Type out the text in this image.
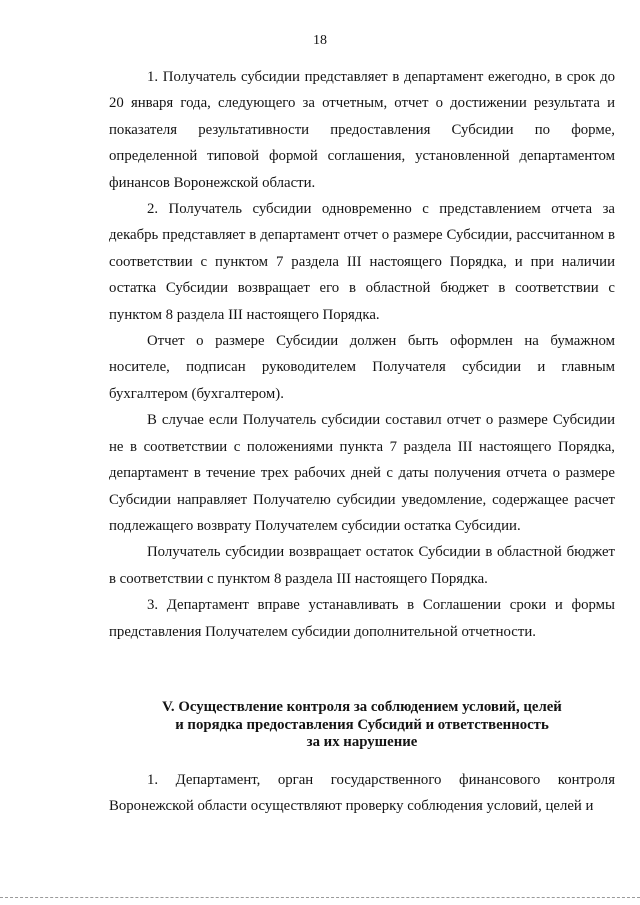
18

1. Получатель субсидии представляет в департамент ежегодно, в срок до 20 января года, следующего за отчетным, отчет о достижении результата и показателя результативности предоставления Субсидии по форме, определенной типовой формой соглашения, установленной департаментом финансов Воронежской области.

2. Получатель субсидии одновременно с представлением отчета за декабрь представляет в департамент отчет о размере Субсидии, рассчитанном в соответствии с пунктом 7 раздела III настоящего Порядка, и при наличии остатка Субсидии возвращает его в областной бюджет в соответствии с пунктом 8 раздела III настоящего Порядка.

Отчет о размере Субсидии должен быть оформлен на бумажном носителе, подписан руководителем Получателя субсидии и главным бухгалтером (бухгалтером).

В случае если Получатель субсидии составил отчет о размере Субсидии не в соответствии с положениями пункта 7 раздела III настоящего Порядка, департамент в течение трех рабочих дней с даты получения отчета о размере Субсидии направляет Получателю субсидии уведомление, содержащее расчет подлежащего возврату Получателем субсидии остатка Субсидии.

Получатель субсидии возвращает остаток Субсидии в областной бюджет в соответствии с пунктом 8 раздела III настоящего Порядка.

3. Департамент вправе устанавливать в Соглашении сроки и формы представления Получателем субсидии дополнительной отчетности.

V. Осуществление контроля за соблюдением условий, целей
и порядка предоставления Субсидий и ответственность
за их нарушение

1. Департамент, орган государственного финансового контроля Воронежской области осуществляют проверку соблюдения условий, целей и
